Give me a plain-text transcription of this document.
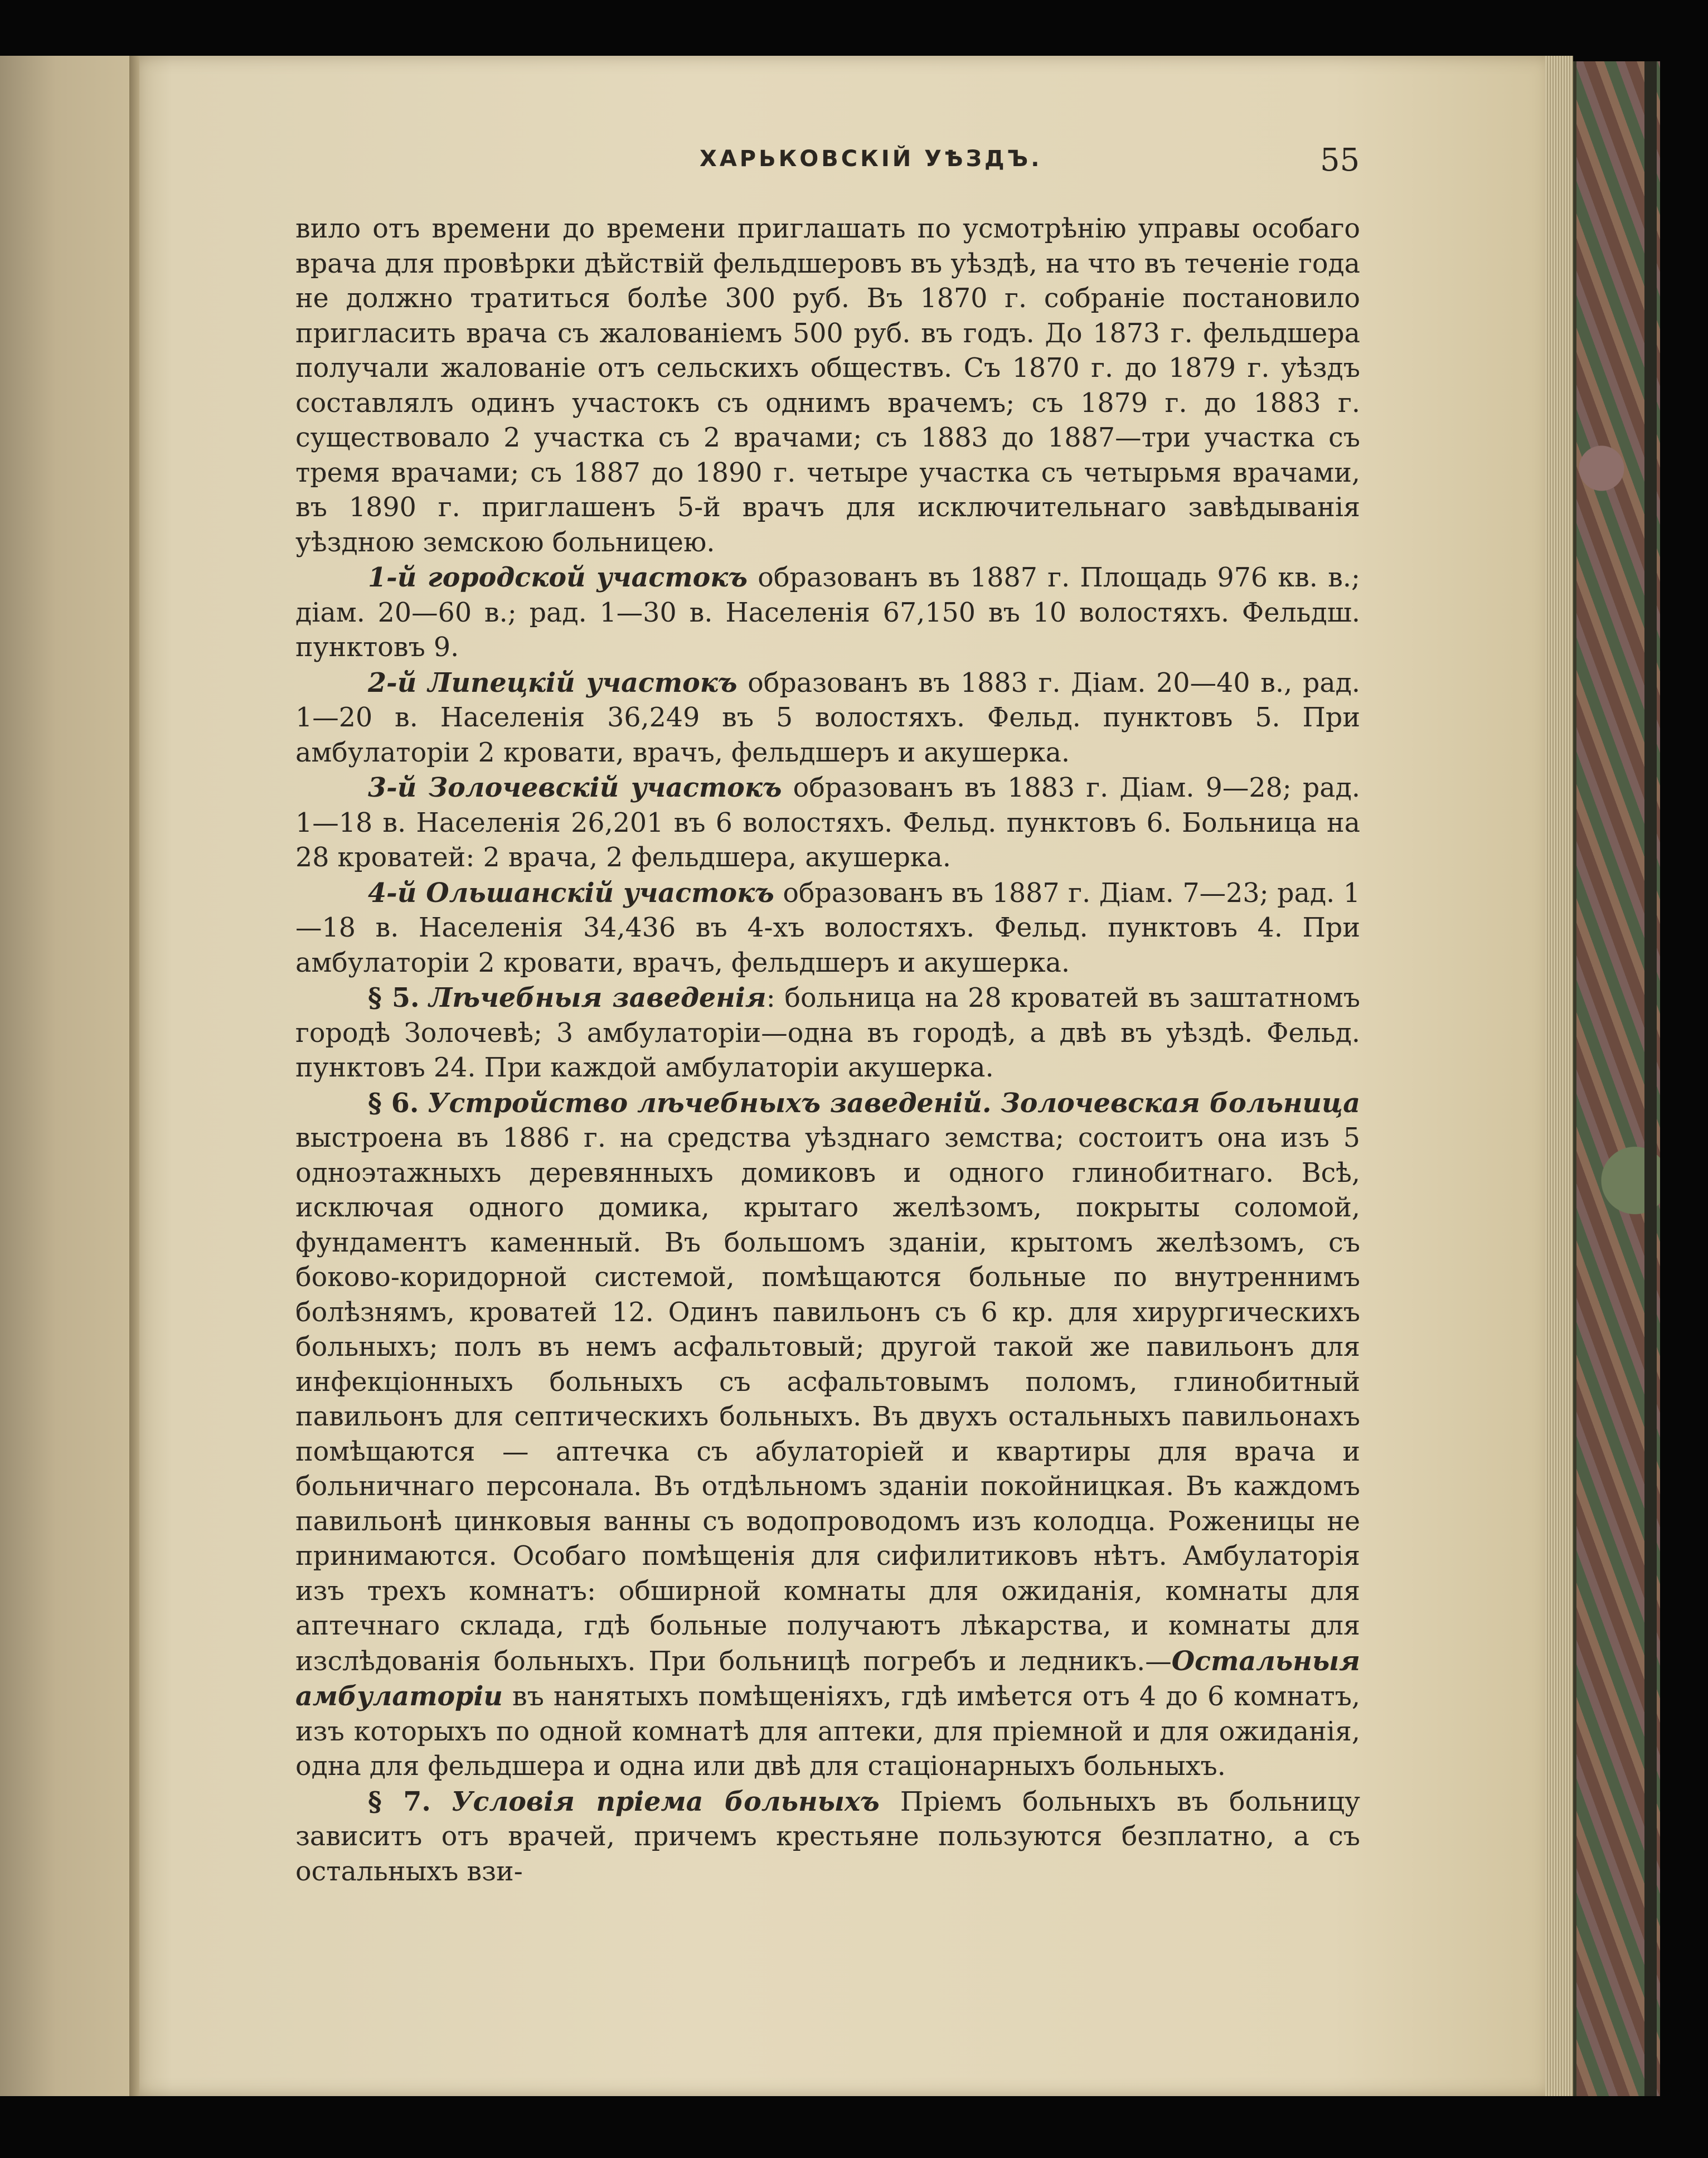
ХАРЬКОВСКІЙ УѢЗДЪ.	55

вило отъ времени до времени приглашать по усмотрѣнію управы особаго врача для провѣрки дѣйствій фельдшеровъ въ уѣздѣ, на что въ теченіе года не должно тратиться болѣе 300 руб. Въ 1870 г. собраніе постановило пригласить врача съ жалованіемъ 500 руб. въ годъ. До 1873 г. фельдшера получали жалованіе отъ сельскихъ обществъ. Съ 1870 г. до 1879 г. уѣздъ составлялъ одинъ участокъ съ однимъ врачемъ; съ 1879 г. до 1883 г. существовало 2 участка съ 2 врачами; съ 1883 до 1887—три участка съ тремя врачами; съ 1887 до 1890 г. четыре участка съ четырьмя врачами, въ 1890 г. приглашенъ 5-й врачъ для исключительнаго завѣдыванія уѣздною земскою больницею.

1-й городской участокъ образованъ въ 1887 г. Площадь 976 кв. в.; діам. 20—60 в.; рад. 1—30 в. Населенія 67,150 въ 10 волостяхъ. Фельдш. пунктовъ 9.

2-й Липецкій участокъ образованъ въ 1883 г. Діам. 20—40 в., рад. 1—20 в. Населенія 36,249 въ 5 волостяхъ. Фельд. пунктовъ 5. При амбулаторіи 2 кровати, врачъ, фельдшеръ и акушерка.

3-й Золочевскій участокъ образованъ въ 1883 г. Діам. 9—28; рад. 1—18 в. Населенія 26,201 въ 6 волостяхъ. Фельд. пунктовъ 6. Больница на 28 кроватей: 2 врача, 2 фельдшера, акушерка.

4-й Ольшанскій участокъ образованъ въ 1887 г. Діам. 7—23; рад. 1—18 в. Населенія 34,436 въ 4-хъ волостяхъ. Фельд. пунктовъ 4. При амбулаторіи 2 кровати, врачъ, фельдшеръ и акушерка.

§ 5. Лѣчебныя заведенія: больница на 28 кроватей въ заштатномъ городѣ Золочевѣ; 3 амбулаторіи—одна въ городѣ, а двѣ въ уѣздѣ. Фельд. пунктовъ 24. При каждой амбулаторіи акушерка.

§ 6. Устройство лѣчебныхъ заведеній. Золочевская больница выстроена въ 1886 г. на средства уѣзднаго земства; состоитъ она изъ 5 одноэтажныхъ деревянныхъ домиковъ и одного глинобитнаго. Всѣ, исключая одного домика, крытаго желѣзомъ, покрыты соломой, фундаментъ каменный. Въ большомъ зданіи, крытомъ желѣзомъ, съ боково-коридорной системой, помѣщаются больные по внутреннимъ болѣзнямъ, кроватей 12. Одинъ павильонъ съ 6 кр. для хирургическихъ больныхъ; полъ въ немъ асфальтовый; другой такой же павильонъ для инфекціонныхъ больныхъ съ асфальтовымъ поломъ, глинобитный павильонъ для септическихъ больныхъ. Въ двухъ остальныхъ павильонахъ помѣщаются — аптечка съ абулаторіей и квартиры для врача и больничнаго персонала. Въ отдѣльномъ зданіи покойницкая. Въ каждомъ павильонѣ цинковыя ванны съ водопроводомъ изъ колодца. Роженицы не принимаются. Особаго помѣщенія для сифилитиковъ нѣтъ. Амбулаторія изъ трехъ комнатъ: обширной комнаты для ожиданія, комнаты для аптечнаго склада, гдѣ больные получаютъ лѣкарства, и комнаты для изслѣдованія больныхъ. При больницѣ погребъ и ледникъ.—Остальныя амбулаторіи въ нанятыхъ помѣщеніяхъ, гдѣ имѣется отъ 4 до 6 комнатъ, изъ которыхъ по одной комнатѣ для аптеки, для пріемной и для ожиданія, одна для фельдшера и одна или двѣ для стаціонарныхъ больныхъ.

§ 7. Условія пріема больныхъ Пріемъ больныхъ въ больницу зависитъ отъ врачей, причемъ крестьяне пользуются безплатно, а съ остальныхъ взи-
